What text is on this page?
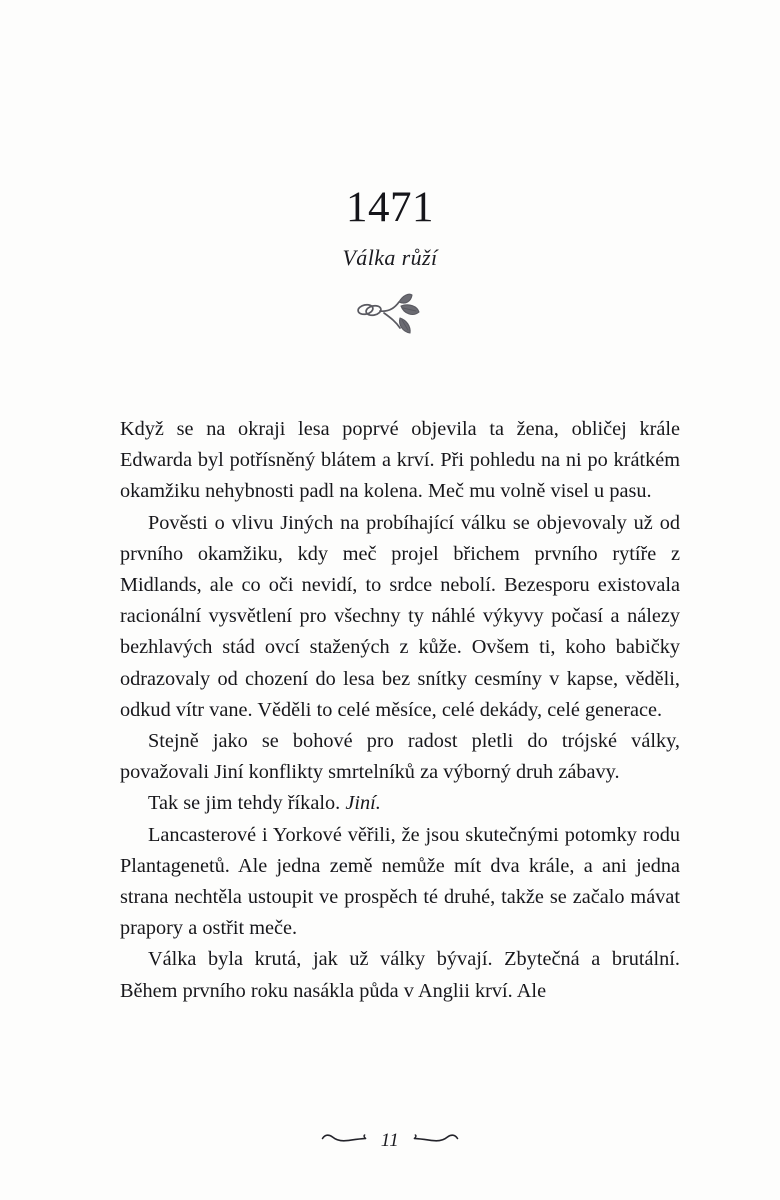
1471
Válka růží

Když se na okraji lesa poprvé objevila ta žena, obličej krále Edwarda byl potřísněný blátem a krví. Při pohledu na ni po krátkém okamžiku nehybnosti padl na kolena. Meč mu volně visel u pasu.

Pověsti o vlivu Jiných na probíhající válku se objevovaly už od prvního okamžiku, kdy meč projel břichem prvního rytíře z Midlands, ale co oči nevidí, to srdce nebolí. Bezesporu existovala racionální vysvětlení pro všechny ty náhlé výkyvy počasí a nálezy bezhlavých stád ovcí stažených z kůže. Ovšem ti, koho babičky odrazovaly od chození do lesa bez snítky cesmíny v kapse, věděli, odkud vítr vane. Věděli to celé měsíce, celé dekády, celé generace.

Stejně jako se bohové pro radost pletli do trójské války, považovali Jiní konflikty smrtelníků za výborný druh zábavy.

Tak se jim tehdy říkalo. Jiní.

Lancasterové i Yorkové věřili, že jsou skutečnými potomky rodu Plantagenetů. Ale jedna země nemůže mít dva krále, a ani jedna strana nechtěla ustoupit ve prospěch té druhé, takže se začalo mávat prapory a ostřit meče.

Válka byla krutá, jak už války bývají. Zbytečná a brutální. Během prvního roku nasákla půda v Anglii krví. Ale

11
